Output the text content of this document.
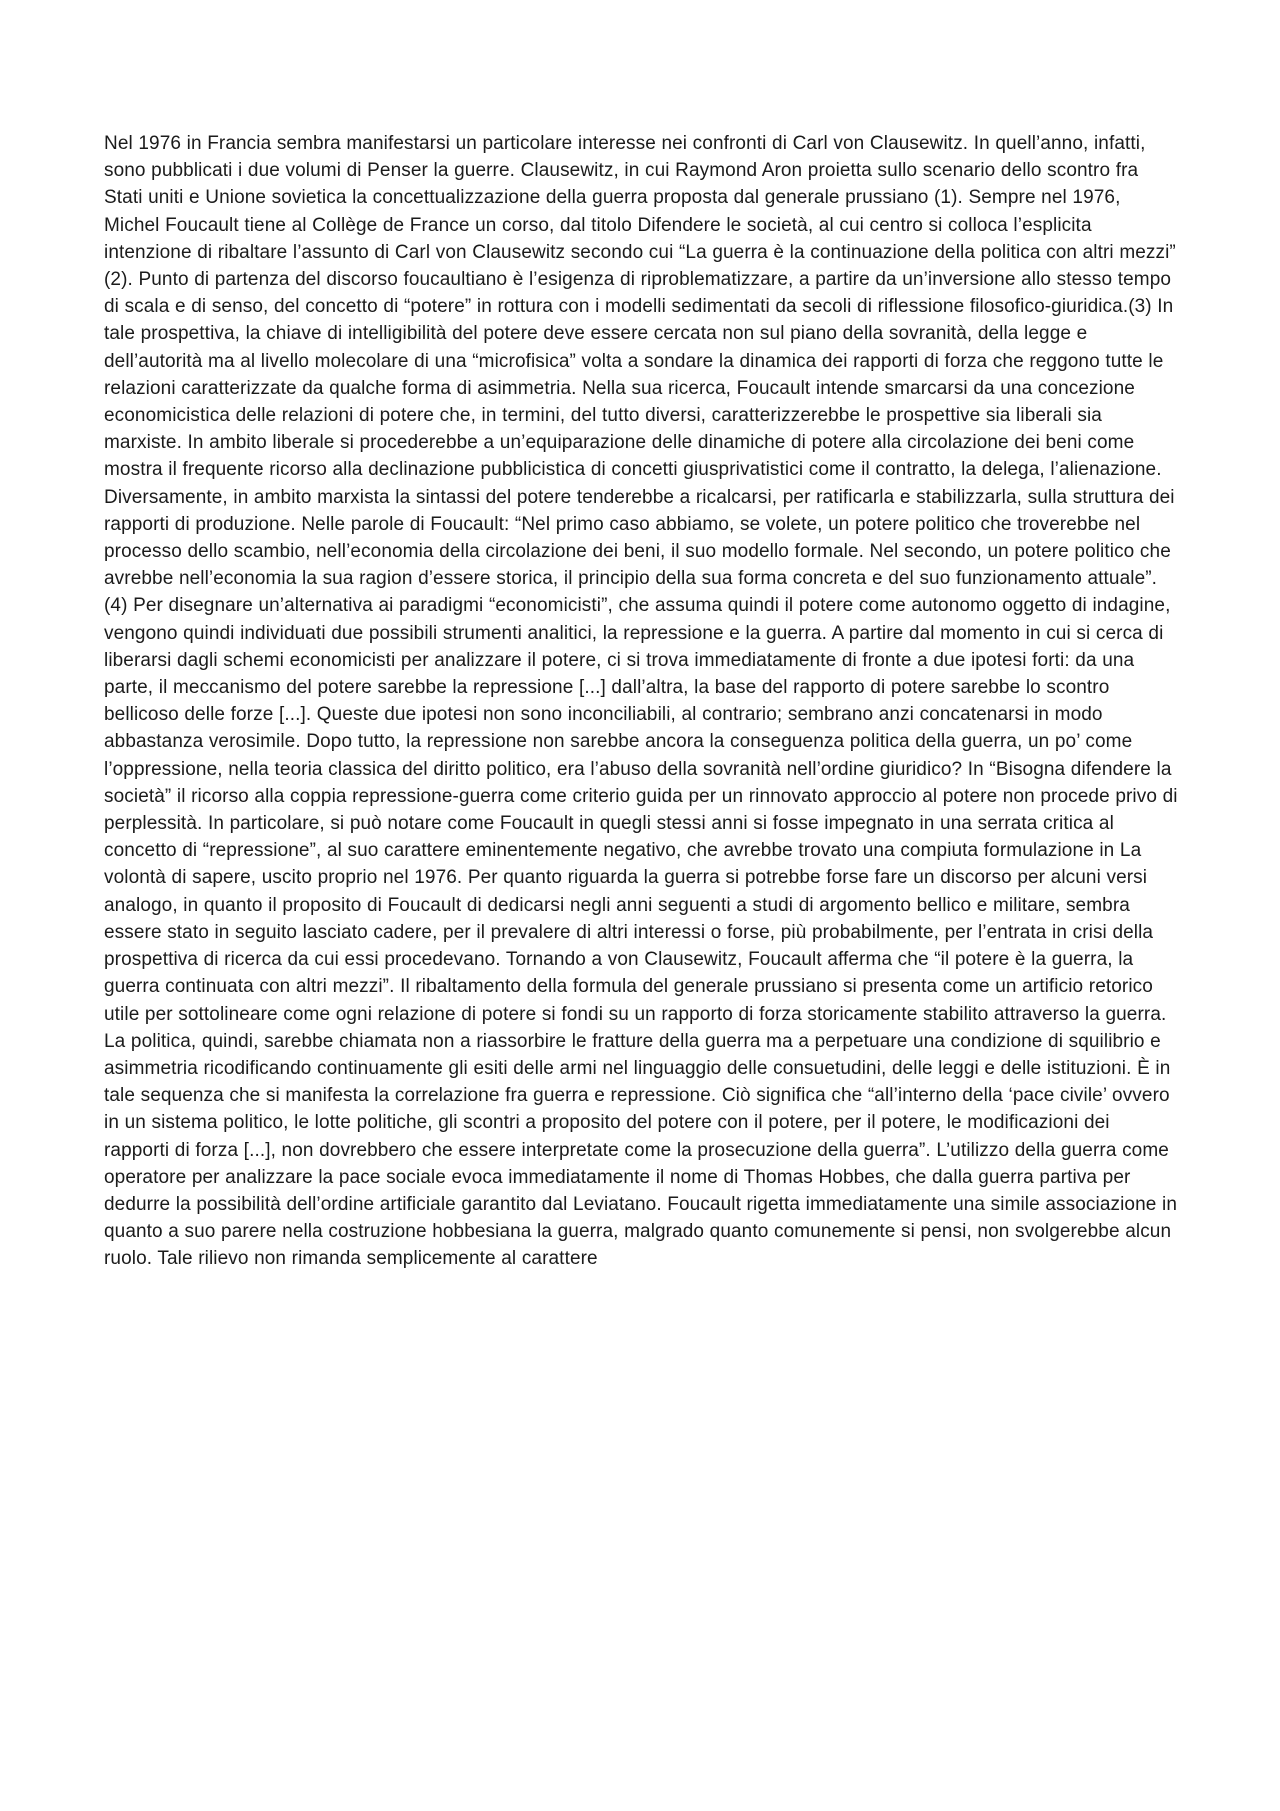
Nel 1976 in Francia sembra manifestarsi un particolare interesse nei confronti di Carl von Clausewitz. In quell’anno, infatti, sono pubblicati i due volumi di Penser la guerre. Clausewitz, in cui Raymond Aron proietta sullo scenario dello scontro fra Stati uniti e Unione sovietica la concettualizzazione della guerra proposta dal generale prussiano (1). Sempre nel 1976, Michel Foucault tiene al Collège de France un corso, dal titolo Difendere le società, al cui centro si colloca l’esplicita intenzione di ribaltare l’assunto di Carl von Clausewitz secondo cui “La guerra è la continuazione della politica con altri mezzi” (2). Punto di partenza del discorso foucaultiano è l’esigenza di riproblematizzare, a partire da un’inversione allo stesso tempo di scala e di senso, del concetto di “potere” in rottura con i modelli sedimentati da secoli di riflessione filosofico-giuridica.(3) In tale prospettiva, la chiave di intelligibilità del potere deve essere cercata non sul piano della sovranità, della legge e dell’autorità ma al livello molecolare di una “microfisica” volta a sondare la dinamica dei rapporti di forza che reggono tutte le relazioni caratterizzate da qualche forma di asimmetria. Nella sua ricerca, Foucault intende smarcarsi da una concezione economicistica delle relazioni di potere che, in termini, del tutto diversi, caratterizzerebbe le prospettive sia liberali sia marxiste. In ambito liberale si procederebbe a un’equiparazione delle dinamiche di potere alla circolazione dei beni come mostra il frequente ricorso alla declinazione pubblicistica di concetti giusprivatistici come il contratto, la delega, l’alienazione. Diversamente, in ambito marxista la sintassi del potere tenderebbe a ricalcarsi, per ratificarla e stabilizzarla, sulla struttura dei rapporti di produzione. Nelle parole di Foucault: “Nel primo caso abbiamo, se volete, un potere politico che troverebbe nel processo dello scambio, nell’economia della circolazione dei beni, il suo modello formale. Nel secondo, un potere politico che avrebbe nell’economia la sua ragion d’essere storica, il principio della sua forma concreta e del suo funzionamento attuale”.(4) Per disegnare un’alternativa ai paradigmi “economicisti”, che assuma quindi il potere come autonomo oggetto di indagine, vengono quindi individuati due possibili strumenti analitici, la repressione e la guerra. A partire dal momento in cui si cerca di liberarsi dagli schemi economicisti per analizzare il potere, ci si trova immediatamente di fronte a due ipotesi forti: da una parte, il meccanismo del potere sarebbe la repressione [...] dall’altra, la base del rapporto di potere sarebbe lo scontro bellicoso delle forze [...]. Queste due ipotesi non sono inconciliabili, al contrario; sembrano anzi concatenarsi in modo abbastanza verosimile. Dopo tutto, la repressione non sarebbe ancora la conseguenza politica della guerra, un po’ come l’oppressione, nella teoria classica del diritto politico, era l’abuso della sovranità nell’ordine giuridico? In “Bisogna difendere la società” il ricorso alla coppia repressione-guerra come criterio guida per un rinnovato approccio al potere non procede privo di perplessità. In particolare, si può notare come Foucault in quegli stessi anni si fosse impegnato in una serrata critica al concetto di “repressione”, al suo carattere eminentemente negativo, che avrebbe trovato una compiuta formulazione in La volontà di sapere, uscito proprio nel 1976. Per quanto riguarda la guerra si potrebbe forse fare un discorso per alcuni versi analogo, in quanto il proposito di Foucault di dedicarsi negli anni seguenti a studi di argomento bellico e militare, sembra essere stato in seguito lasciato cadere, per il prevalere di altri interessi o forse, più probabilmente, per l’entrata in crisi della prospettiva di ricerca da cui essi procedevano. Tornando a von Clausewitz, Foucault afferma che “il potere è la guerra, la guerra continuata con altri mezzi”. Il ribaltamento della formula del generale prussiano si presenta come un artificio retorico utile per sottolineare come ogni relazione di potere si fondi su un rapporto di forza storicamente stabilito attraverso la guerra. La politica, quindi, sarebbe chiamata non a riassorbire le fratture della guerra ma a perpetuare una condizione di squilibrio e asimmetria ricodificando continuamente gli esiti delle armi nel linguaggio delle consuetudini, delle leggi e delle istituzioni. È in tale sequenza che si manifesta la correlazione fra guerra e repressione. Ciò significa che “all’interno della ‘pace civile’ ovvero in un sistema politico, le lotte politiche, gli scontri a proposito del potere con il potere, per il potere, le modificazioni dei rapporti di forza [...], non dovrebbero che essere interpretate come la prosecuzione della guerra”. L’utilizzo della guerra come operatore per analizzare la pace sociale evoca immediatamente il nome di Thomas Hobbes, che dalla guerra partiva per dedurre la possibilità dell’ordine artificiale garantito dal Leviatano. Foucault rigetta immediatamente una simile associazione in quanto a suo parere nella costruzione hobbesiana la guerra, malgrado quanto comunemente si pensi, non svolgerebbe alcun ruolo. Tale rilievo non rimanda semplicemente al carattere
